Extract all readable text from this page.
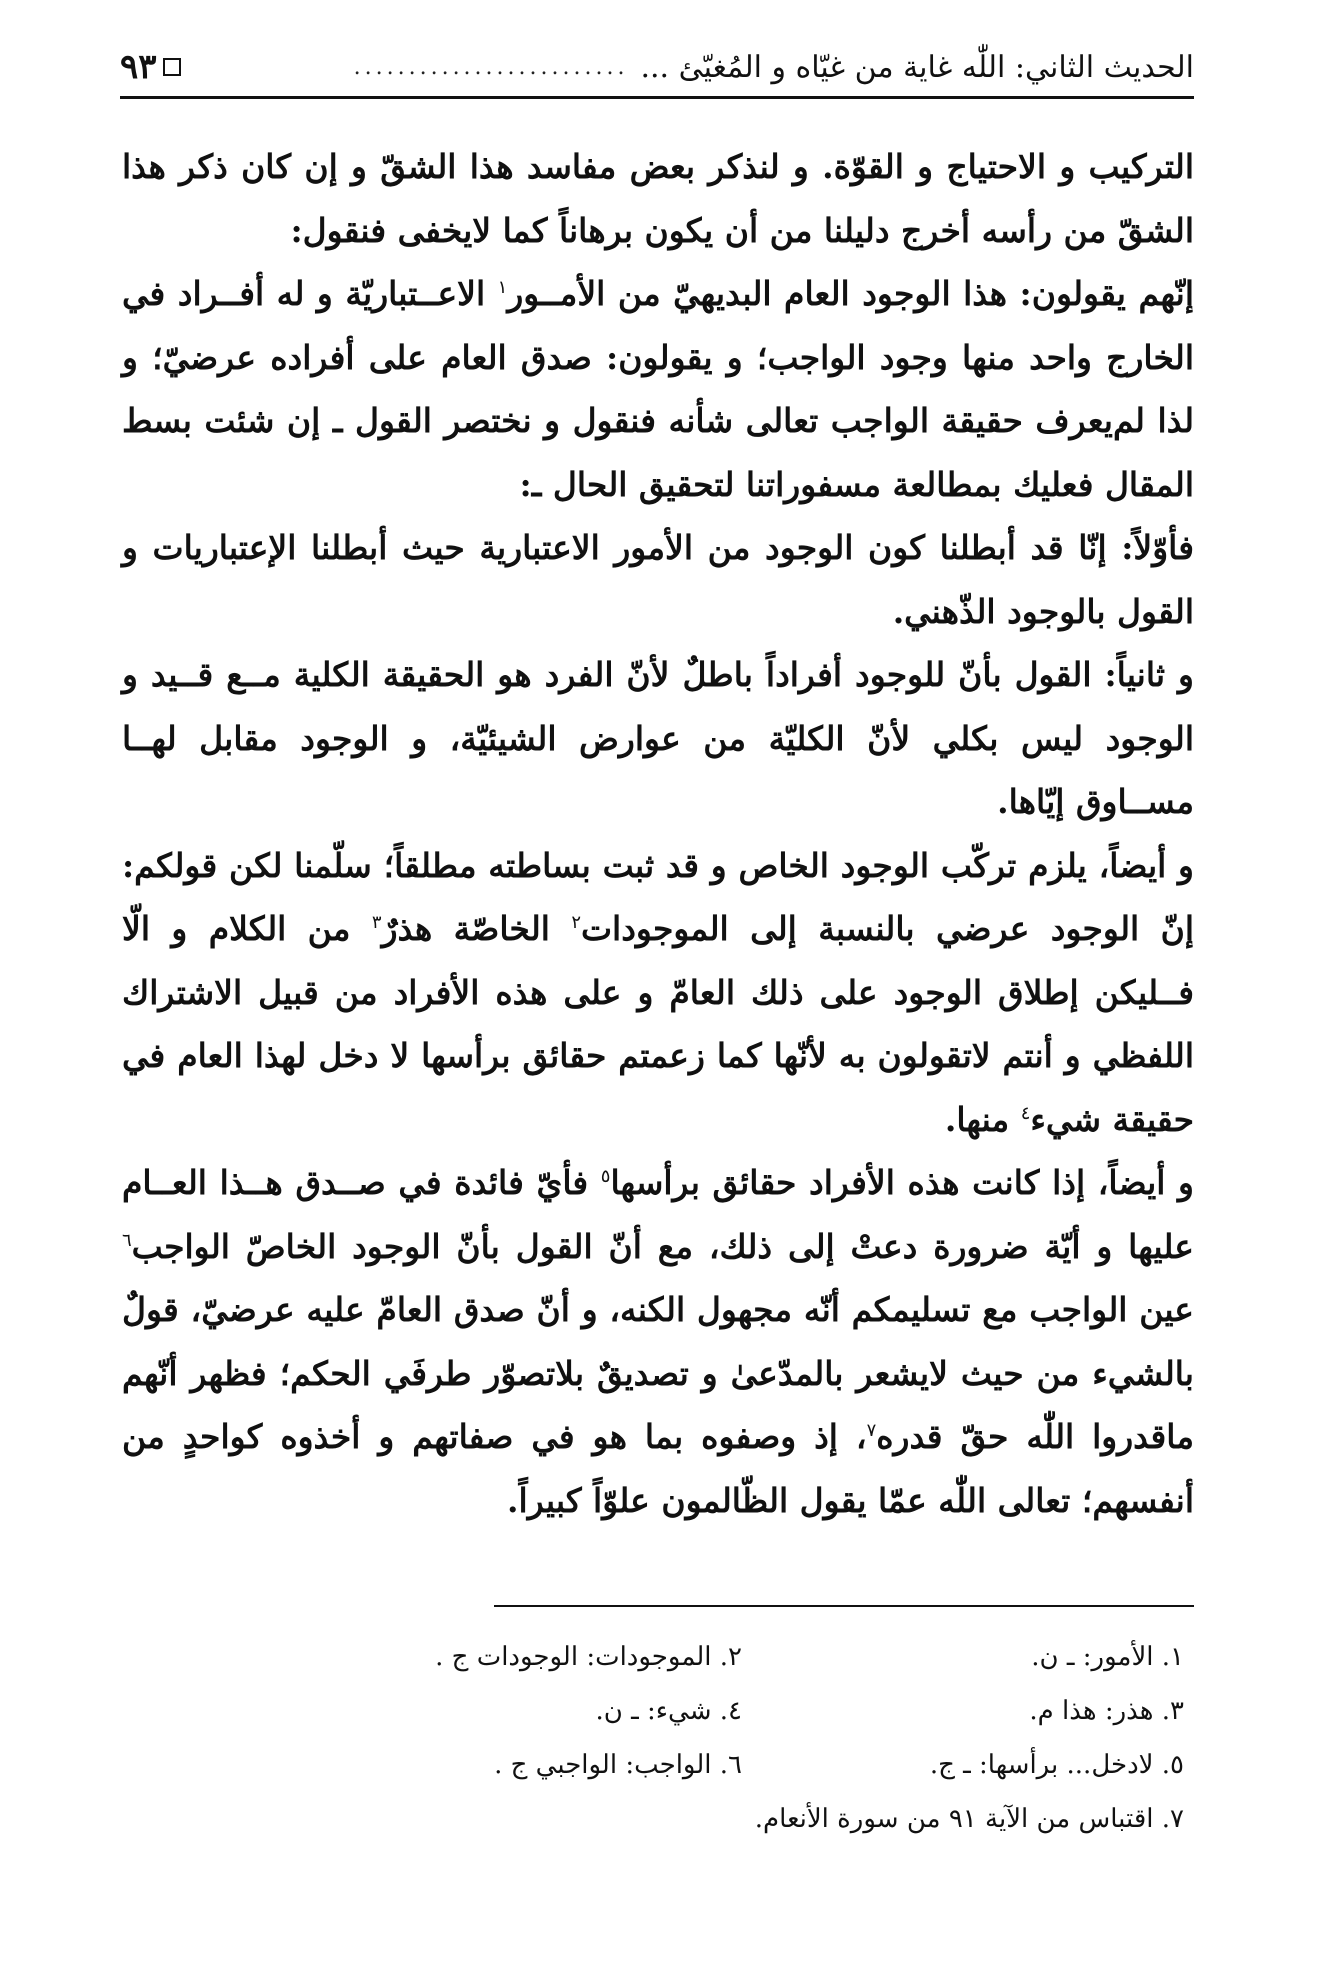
الحديث الثاني: اللّٰه غاية من غيّاه و المُغيّئ ...
.........................
٩٣

التركيب و الاحتياج و القوّة. و لنذكر بعض مفاسد هذا الشقّ و إن كان ذكر هذا الشقّ من رأسه أخرج دليلنا من أن يكون برهاناً كما لايخفى فنقول:

إنّهم يقولون: هذا الوجود العام البديهيّ من الأمــور$^١$ الاعــتباريّة و له أفــراد في الخارج واحد منها وجود الواجب؛ و يقولون: صدق العام على أفراده عرضيّ؛ و لذا لم‌يعرف حقيقة الواجب تعالى شأنه فنقول و نختصر القول ـ إن شئت بسط المقال فعليك بمطالعة مسفوراتنا لتحقيق الحال ـ:

فأوّلاً: إنّا قد أبطلنا كون الوجود من الأمور الاعتبارية حيث أبطلنا الإعتباريات و القول بالوجود الذّهني.

و ثانياً: القول بأنّ للوجود أفراداً باطلٌ لأنّ الفرد هو الحقيقة الكلية مــع قــيد و الوجود ليس بكلي لأنّ الكليّة من عوارض الشيئيّة، و الوجود مقابل لهــا مســاوق إيّاها.

و أيضاً، يلزم تركّب الوجود الخاص و قد ثبت بساطته مطلقاً؛ سلّمنا لكن قولكم: إنّ الوجود عرضي بالنسبة إلى الموجودات$^٢$ الخاصّة هذرٌ$^٣$ من الكلام و الّا فــليكن إطلاق الوجود على ذلك العامّ و على هذه الأفراد من قبيل الاشتراك اللفظي و أنتم لاتقولون به لأنّها كما زعمتم حقائق برأسها لا دخل لهذا العام في حقيقة شيء$^٤$ منها.

و أيضاً، إذا كانت هذه الأفراد حقائق برأسها$^٥$ فأيّ فائدة في صــدق هــذا العــام عليها و أيّة ضرورة دعتْ إلى ذلك، مع أنّ القول بأنّ الوجود الخاصّ الواجب$^٦$ عين الواجب مع تسليمكم أنّه مجهول الكنه، و أنّ صدق العامّ عليه عرضيّ، قولٌ بالشيء من حيث لايشعر بالمدّعىٰ و تصديقٌ بلاتصوّر طرفَي الحكم؛ فظهر أنّهم ماقدروا اللّٰه حقّ قدره$^٧$، إذ وصفوه بما هو في صفاتهم و أخذوه كواحدٍ من أنفسهم؛ تعالى اللّٰه عمّا يقول الظّالمون علوّاً كبيراً.

١. الأمور: ـ ن.
٢. الموجودات: الوجودات ج .
٣. هذر: هذا م.
٤. شيء: ـ ن.
٥. لادخل... برأسها: ـ ج.
٦. الواجب: الواجبي ج .
٧. اقتباس من الآية ٩١ من سورة الأنعام.
